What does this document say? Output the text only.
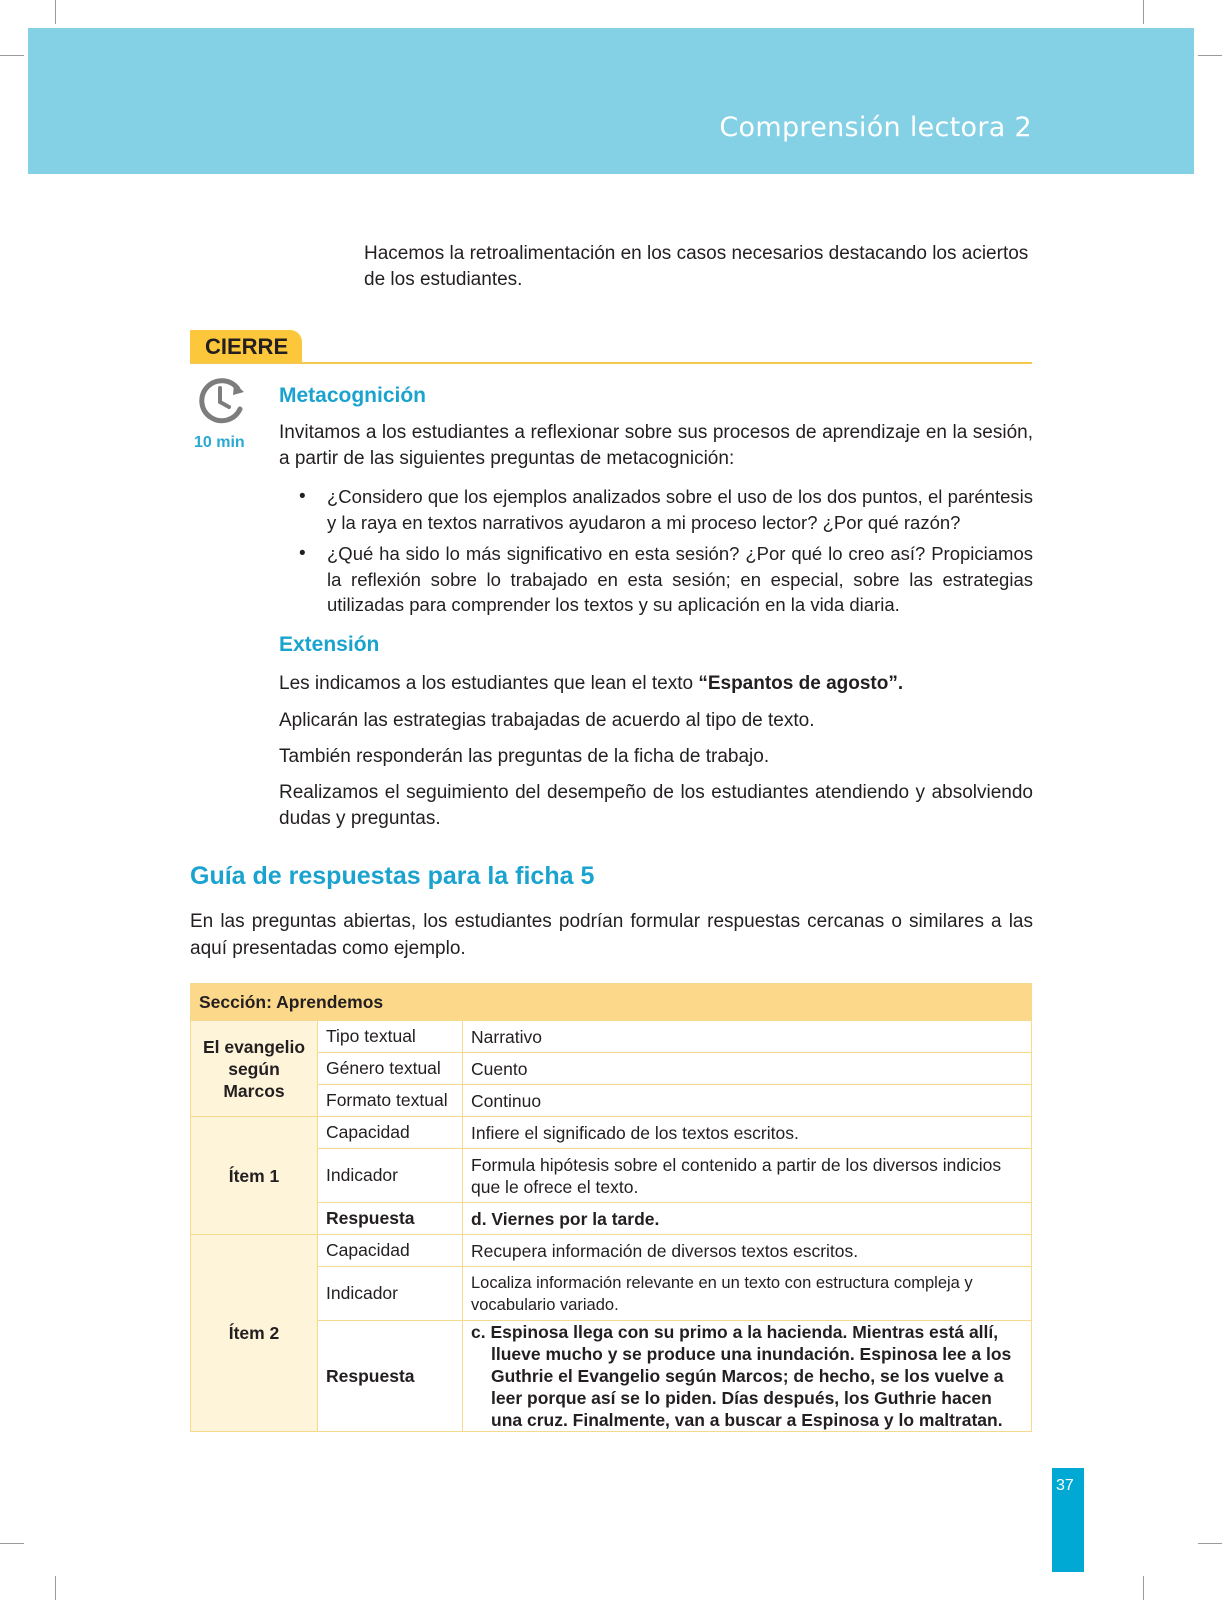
Comprensión lectora 2
Hacemos la retroalimentación en los casos necesarios destacando los aciertos de los estudiantes.
CIERRE
10 min
Metacognición
Invitamos a los estudiantes a reflexionar sobre sus procesos de aprendizaje en la sesión, a partir de las siguientes preguntas de metacognición:
• ¿Considero que los ejemplos analizados sobre el uso de los dos puntos, el paréntesis y la raya en textos narrativos ayudaron a mi proceso lector? ¿Por qué razón?
• ¿Qué ha sido lo más significativo en esta sesión? ¿Por qué lo creo así? Propiciamos la reflexión sobre lo trabajado en esta sesión; en especial, sobre las estrategias utilizadas para comprender los textos y su aplicación en la vida diaria.
Extensión
Les indicamos a los estudiantes que lean el texto “Espantos de agosto”.
Aplicarán las estrategias trabajadas de acuerdo al tipo de texto.
También responderán las preguntas de la ficha de trabajo.
Realizamos el seguimiento del desempeño de los estudiantes atendiendo y absolviendo dudas y preguntas.
Guía de respuestas para la ficha 5
En las preguntas abiertas, los estudiantes podrían formular respuestas cercanas o similares a las aquí presentadas como ejemplo.
Sección: Aprendemos		
El evangelio según Marcos	Tipo textual	Narrativo
	Género textual	Cuento
	Formato textual	Continuo
Ítem 1	Capacidad	Infiere el significado de los textos escritos.
	Indicador	Formula hipótesis sobre el contenido a partir de los diversos indicios que le ofrece el texto.
	Respuesta	d. Viernes por la tarde.
Ítem 2	Capacidad	Recupera información de diversos textos escritos.
	Indicador	Localiza información relevante en un texto con estructura compleja y vocabulario variado.
	Respuesta	c. Espinosa llega con su primo a la hacienda. Mientras está allí, llueve mucho y se produce una inundación. Espinosa lee a los Guthrie el Evangelio según Marcos; de hecho, se los vuelve a leer porque así se lo piden. Días después, los Guthrie hacen una cruz. Finalmente, van a buscar a Espinosa y lo maltratan.
37
